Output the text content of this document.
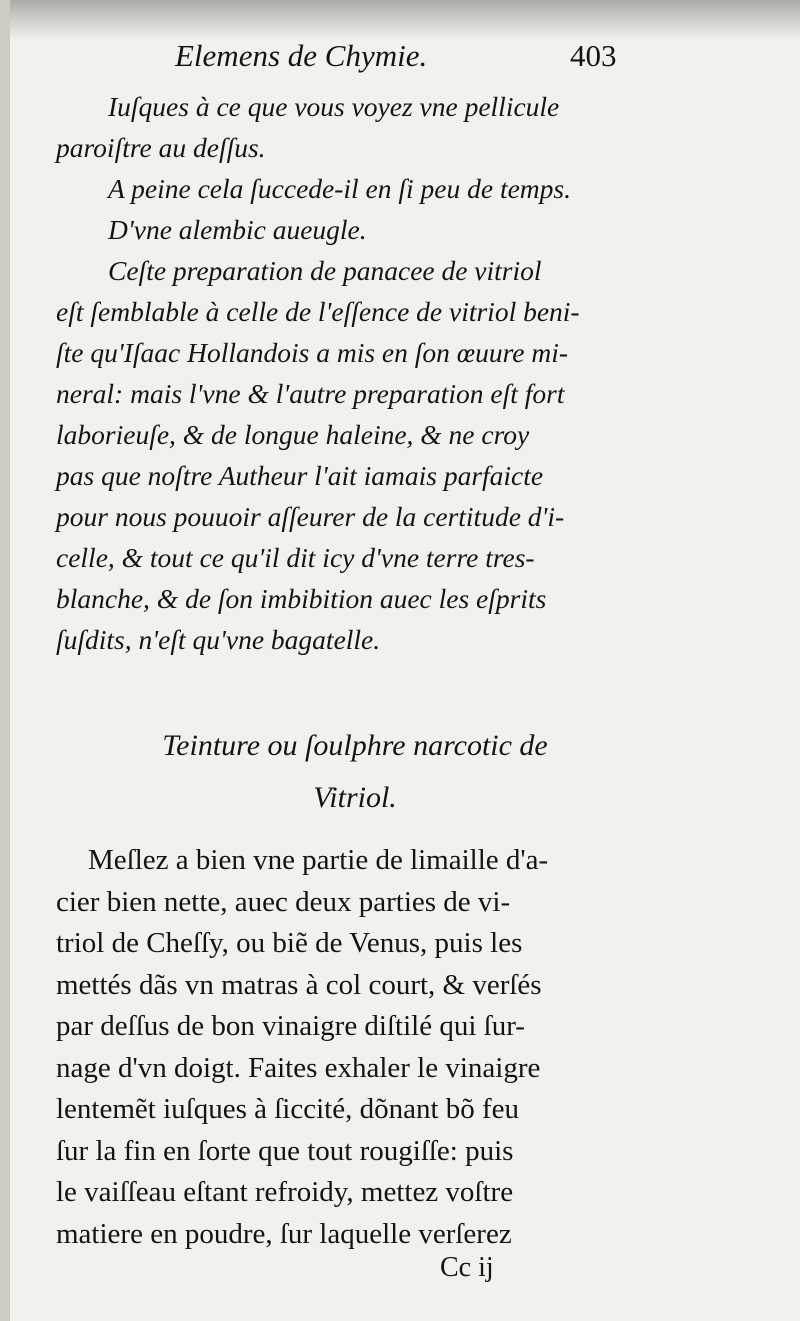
Elemens de Chymie.	403

Iuſques à ce que vous voyez vne pellicule
paroiſtre au deſſus.

A peine cela ſuccede-il en ſi peu de temps.

D'vne alembic aueugle.

Ceſte preparation de panacee de vitriol
eſt ſemblable à celle de l'eſſence de vitriol beni-
ſte qu'Iſaac Hollandois a mis en ſon œuure mi-
neral: mais l'vne & l'autre preparation eſt fort
laborieuſe, & de longue haleine, & ne croy
pas que noſtre Autheur l'ait iamais parfaicte
pour nous pouuoir aſſeurer de la certitude d'i-
celle, & tout ce qu'il dit icy d'vne terre tres-
blanche, & de ſon imbibition auec les eſprits
ſuſdits, n'eſt qu'vne bagatelle.

Teinture ou ſoulphre narcotic de
Vitriol.
Meſlez a bien vne partie de limaille d'a-
cier bien nette, auec deux parties de vi-
triol de Cheſſy, ou biẽ de Venus, puis les
mettés dãs vn matras à col court, & verſés
par deſſus de bon vinaigre diſtilé qui ſur-
nage d'vn doigt. Faites exhaler le vinaigre
lentemẽt iuſques à ſiccité, dõnant bõ feu
ſur la fin en ſorte que tout rougiſſe: puis
le vaiſſeau eſtant refroidy, mettez voſtre
matiere en poudre, ſur laquelle verſerez
Cc ij
